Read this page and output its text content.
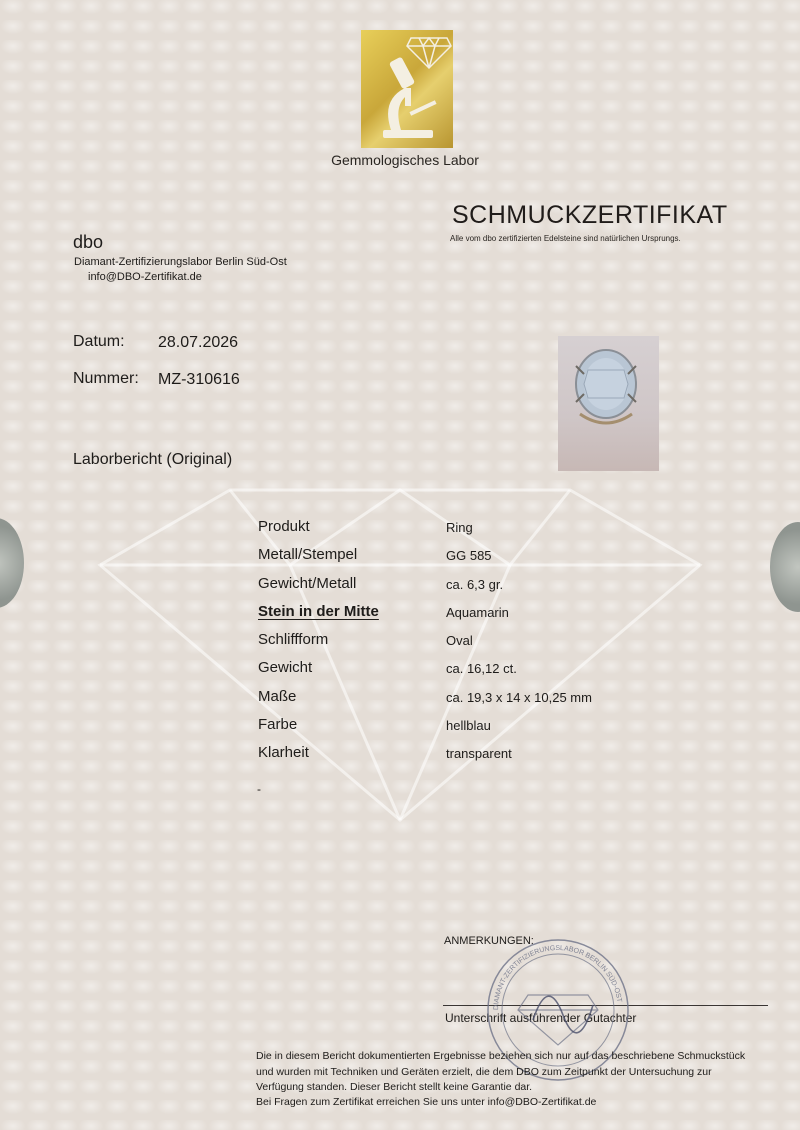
Gemmologisches Labor
SCHMUCKZERTIFIKAT
Alle vom dbo zertifizierten Edelsteine sind natürlichen Ursprungs.
dbo
Diamant-Zertifizierungslabor Berlin Süd-Ost
info@DBO-Zertifikat.de
Datum: 28.07.2026
Nummer: MZ-310616
Laborbericht (Original)
Produkt	Ring
Metall/Stempel	GG 585
Gewicht/Metall	ca. 6,3 gr.
Stein in der Mitte	Aquamarin
Schliffform	Oval
Gewicht	ca. 16,12 ct.
Maße	ca. 19,3 x 14 x 10,25 mm
Farbe	hellblau
Klarheit	transparent
-
ANMERKUNGEN:
Unterschrift ausführender Gutachter
DIAMANT-ZERTIFIZIERUNGSLABOR BERLIN SÜD-OST
Die in diesem Bericht dokumentierten Ergebnisse beziehen sich nur auf das beschriebene Schmuckstück
und wurden mit Techniken und Geräten erzielt, die dem DBO zum Zeitpunkt der Untersuchung zur
Verfügung standen. Dieser Bericht stellt keine Garantie dar.
Bei Fragen zum Zertifikat erreichen Sie uns unter info@DBO-Zertifikat.de
